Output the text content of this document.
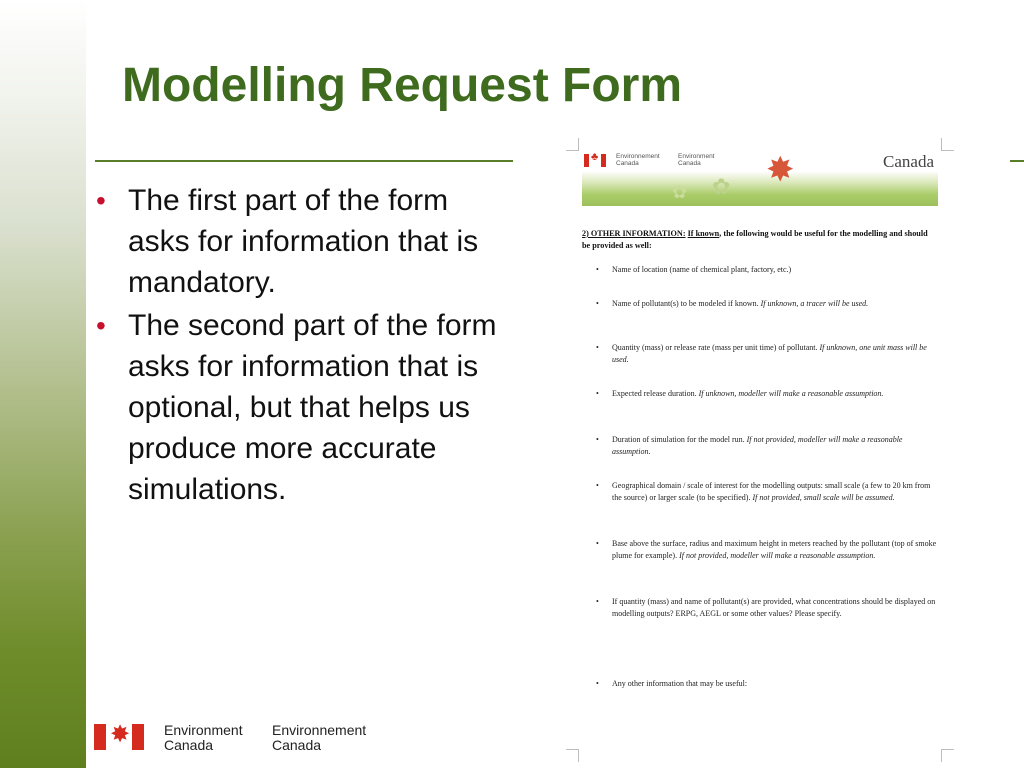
Modelling Request Form
• The first part of the form asks for information that is mandatory.
• The second part of the form asks for information that is optional, but that helps us produce more accurate simulations.
♣
Environnement Canada
Environment Canada
✿ ✿ ✸	Canada
2) OTHER INFORMATION: If known, the following would be useful for the modelling and should be provided as well:
• Name of location (name of chemical plant, factory, etc.)
• Name of pollutant(s) to be modeled if known. If unknown, a tracer will be used.
• Quantity (mass) or release rate (mass per unit time) of pollutant. If unknown, one unit mass will be used.
• Expected release duration. If unknown, modeller will make a reasonable assumption.
• Duration of simulation for the model run. If not provided, modeller will make a reasonable assumption.
• Geographical domain / scale of interest for the modelling outputs: small scale (a few to 20 km from the source) or larger scale (to be specified). If not provided, small scale will be assumed.
• Base above the surface, radius and maximum height in meters reached by the pollutant (top of smoke plume for example). If not provided, modeller will make a reasonable assumption.
• If quantity (mass) and name of pollutant(s) are provided, what concentrations should be displayed on modelling outputs? ERPG, AEGL or some other values? Please specify.
• Any other information that may be useful:
✸ Environment
Canada
Environnement
Canada
